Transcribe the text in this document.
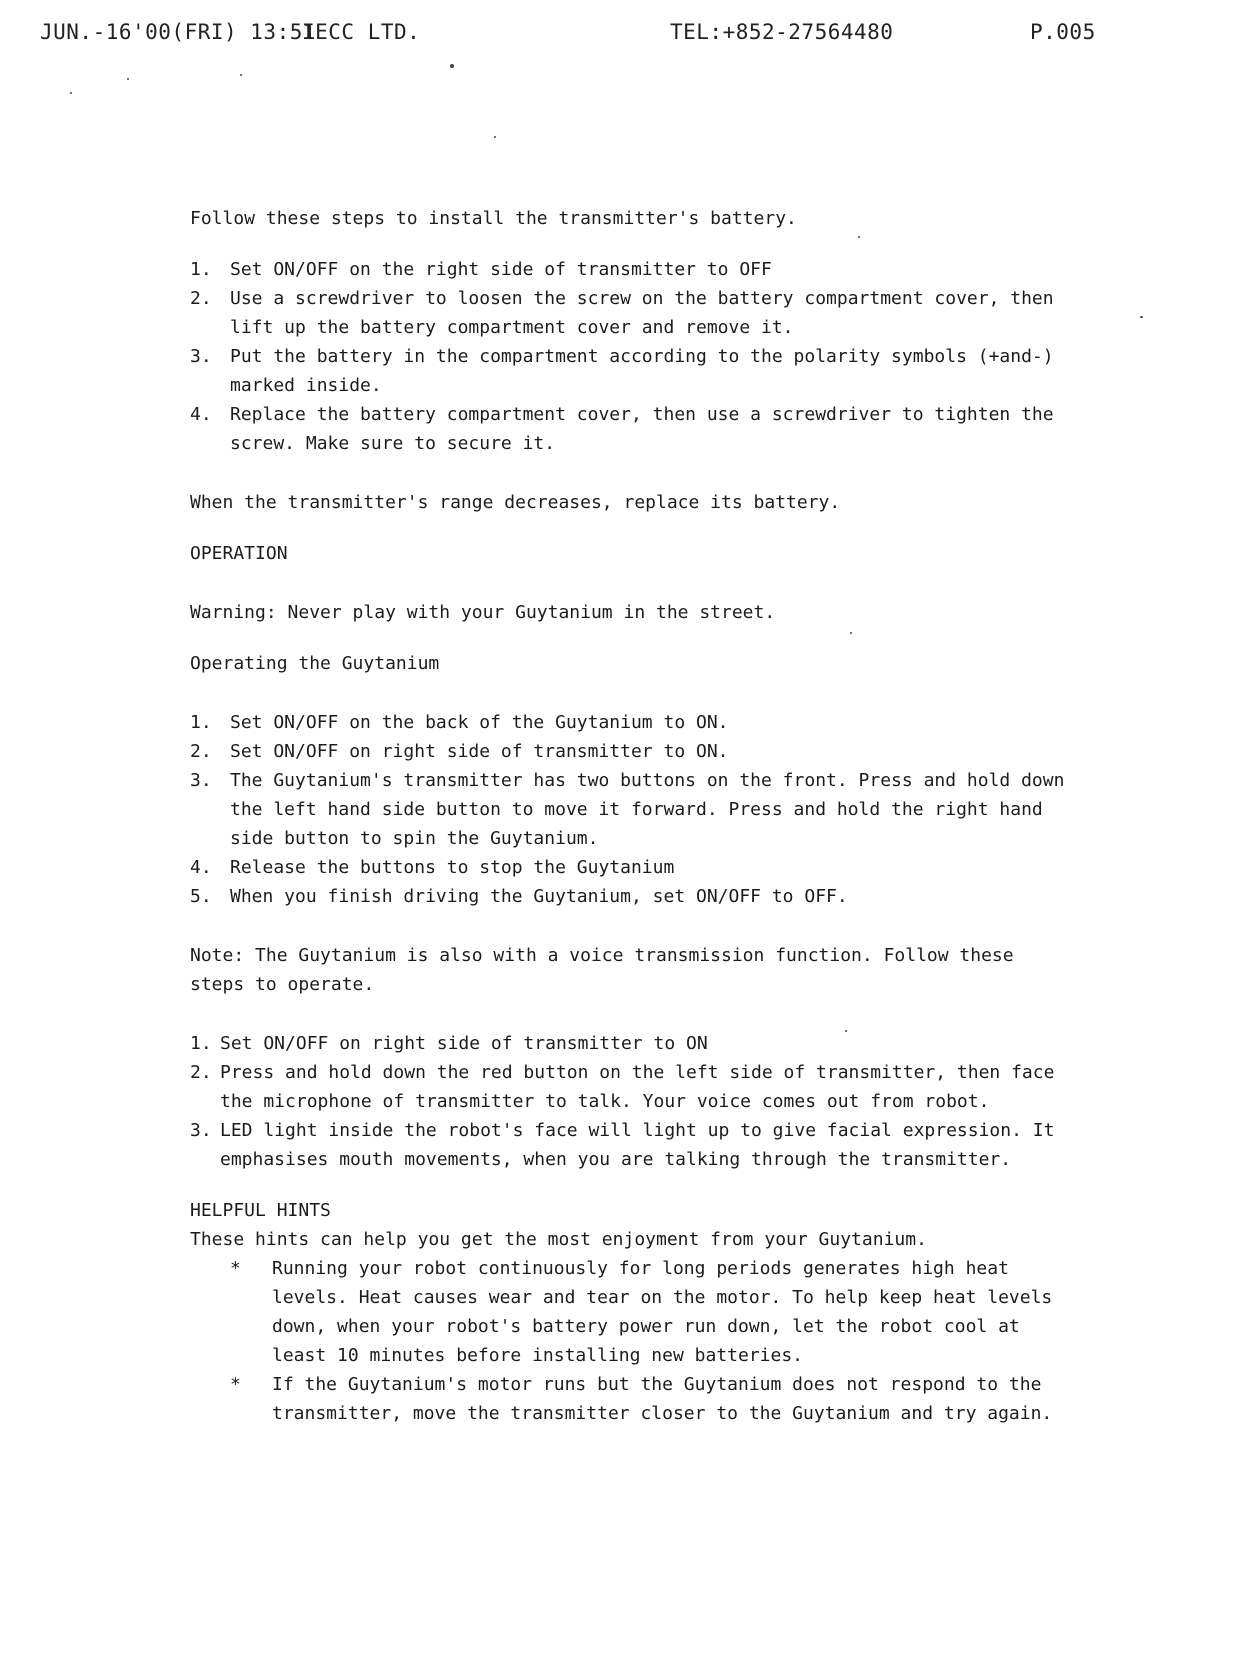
JUN.-16'00(FRI) 13:51
IECC LTD.	TEL:+852-27564480	P.005

Follow these steps to install the transmitter's battery.

1. Set ON/OFF on the right side of transmitter to OFF
2. Use a screwdriver to loosen the screw on the battery compartment cover, then lift up the battery compartment cover and remove it.
3. Put the battery in the compartment according to the polarity symbols (+and-) marked inside.
4. Replace the battery compartment cover, then use a screwdriver to tighten the screw. Make sure to secure it.

When the transmitter's range decreases, replace its battery.

OPERATION

Warning: Never play with your Guytanium in the street.

Operating the Guytanium

1. Set ON/OFF on the back of the Guytanium to ON.
2. Set ON/OFF on right side of transmitter to ON.
3. The Guytanium's transmitter has two buttons on the front. Press and hold down the left hand side button to move it forward. Press and hold the right hand side button to spin the Guytanium.
4. Release the buttons to stop the Guytanium
5. When you finish driving the Guytanium, set ON/OFF to OFF.

Note: The Guytanium is also with a voice transmission function. Follow these steps to operate.

1. Set ON/OFF on right side of transmitter to ON
2. Press and hold down the red button on the left side of transmitter, then face the microphone of transmitter to talk. Your voice comes out from robot.
3. LED light inside the robot's face will light up to give facial expression. It emphasises mouth movements, when you are talking through the transmitter.

HELPFUL HINTS

These hints can help you get the most enjoyment from your Guytanium.

* Running your robot continuously for long periods generates high heat levels. Heat causes wear and tear on the motor. To help keep heat levels down, when your robot's battery power run down, let the robot cool at least 10 minutes before installing new batteries.
* If the Guytanium's motor runs but the Guytanium does not respond to the transmitter, move the transmitter closer to the Guytanium and try again.
